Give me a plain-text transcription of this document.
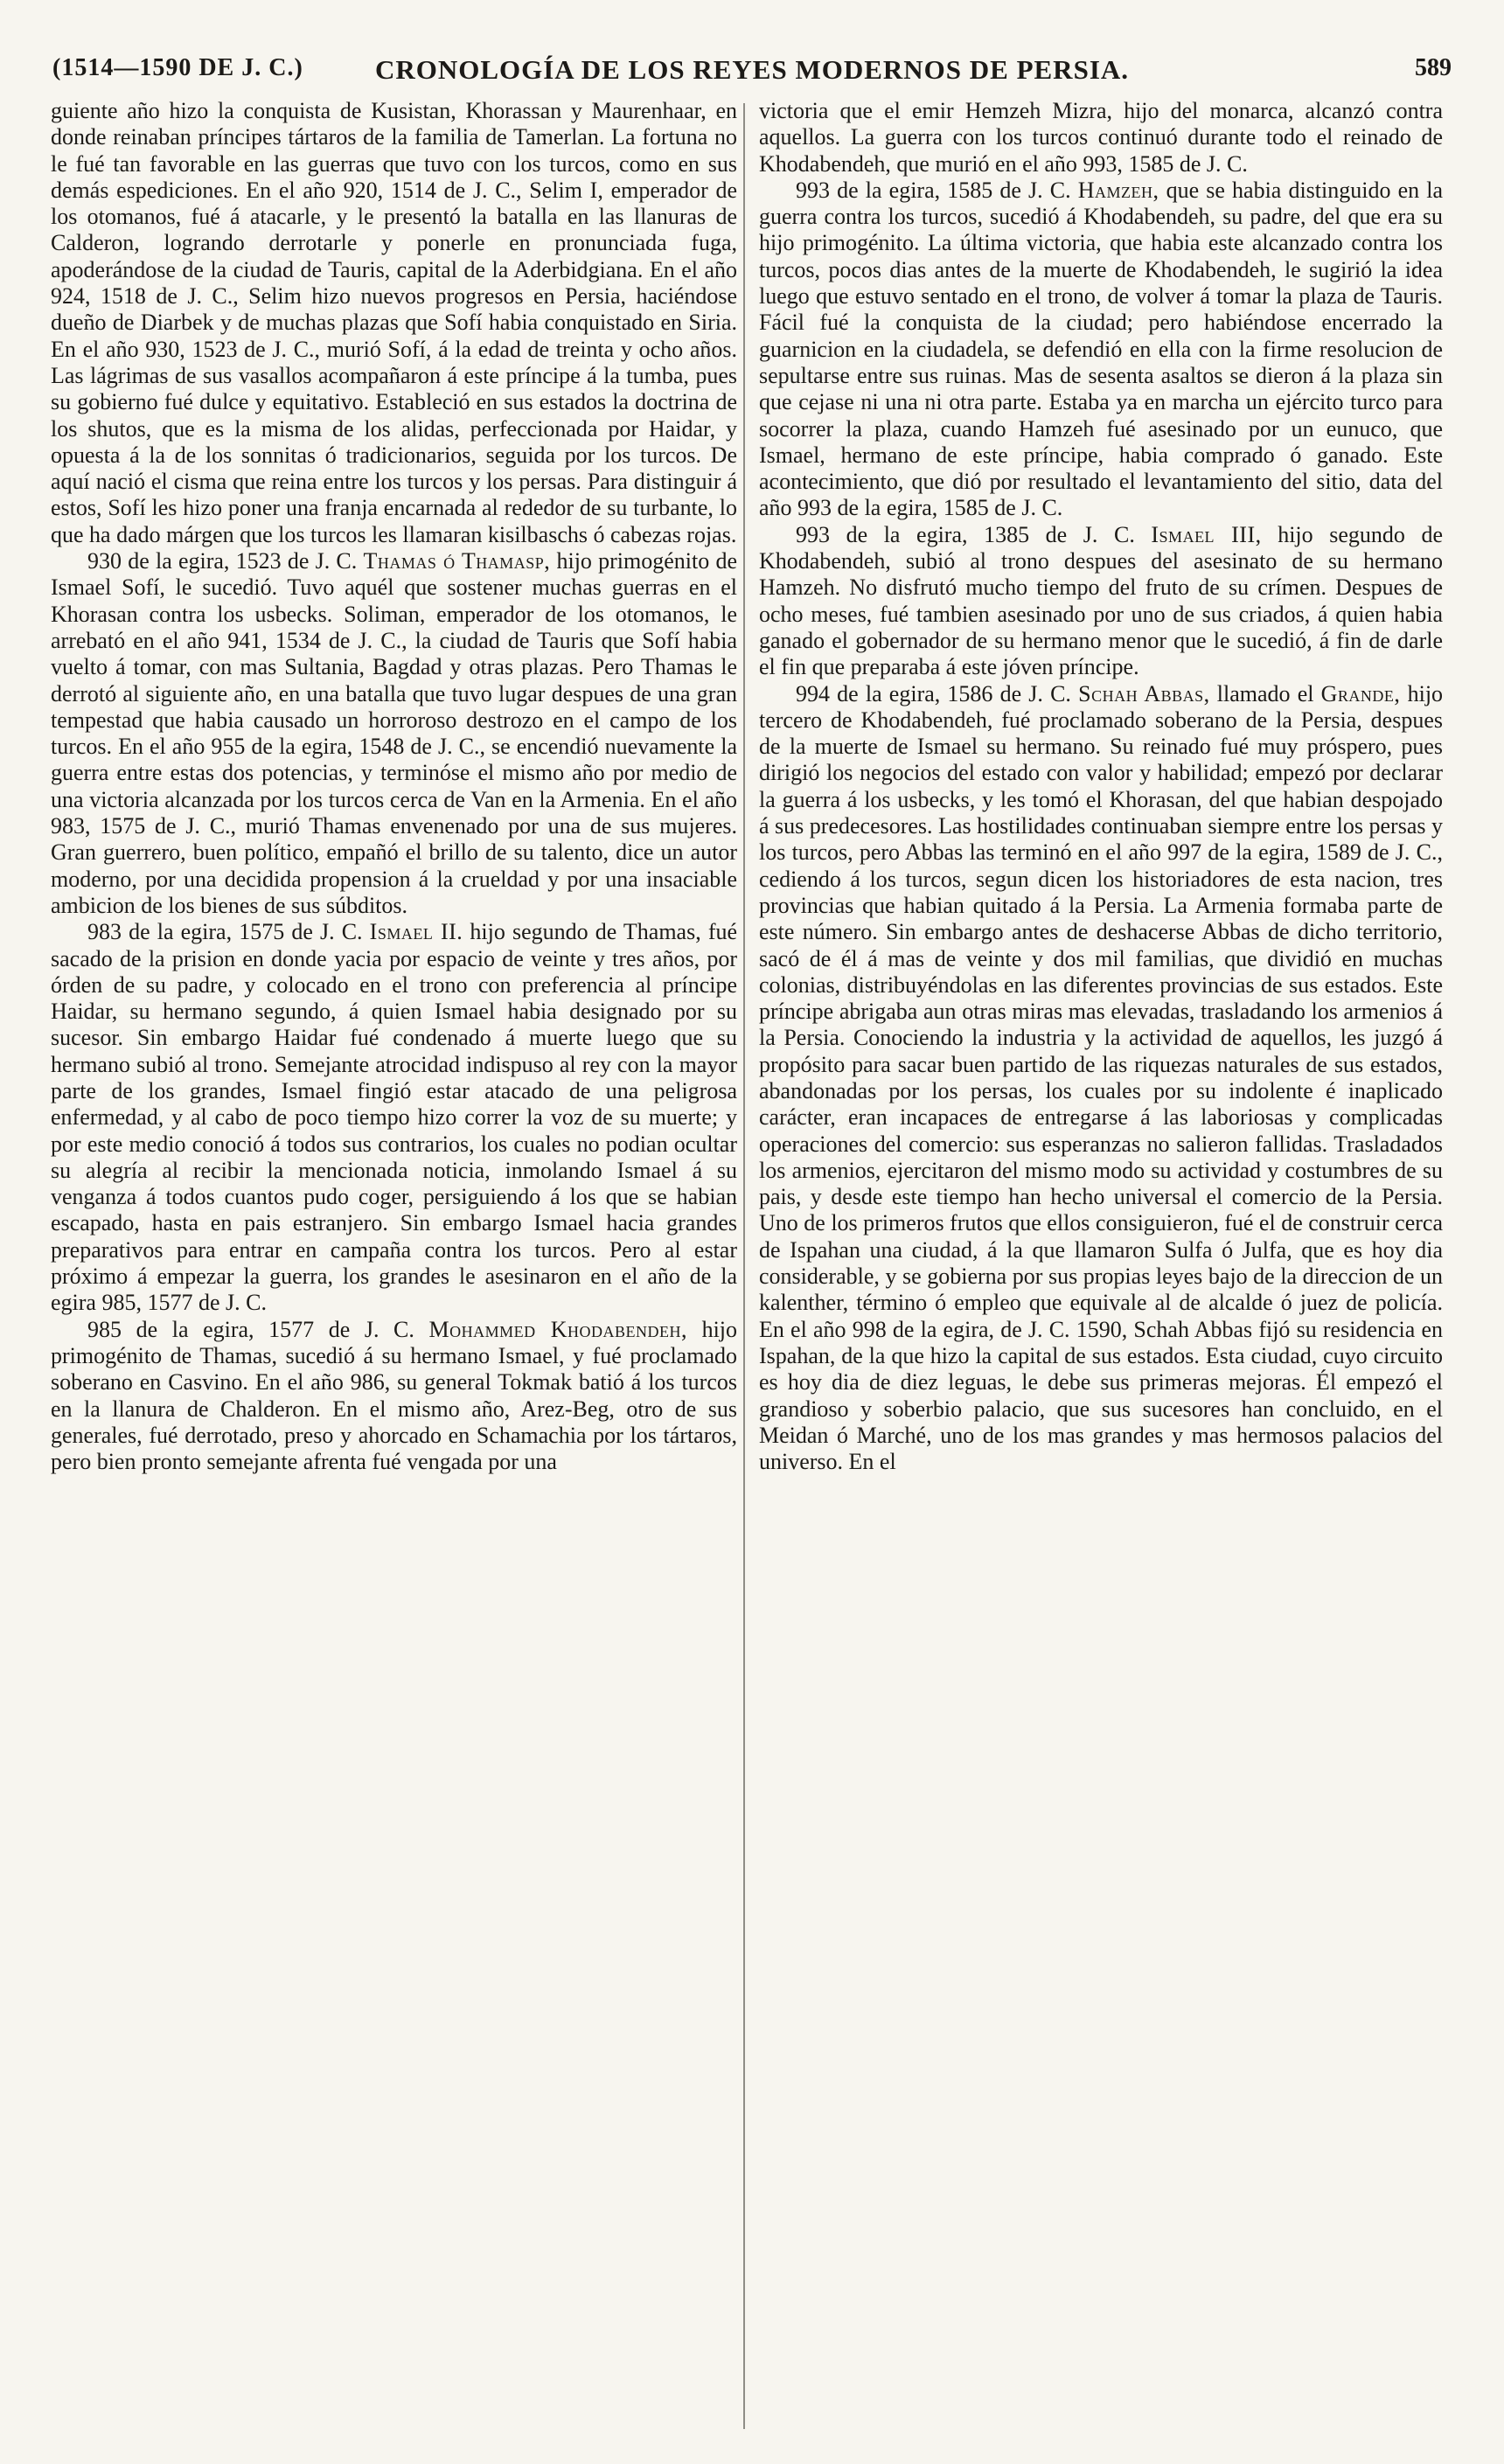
(1514—1590 DE J. C.)	CRONOLOGÍA DE LOS REYES MODERNOS DE PERSIA.	589

guiente año hizo la conquista de Kusistan, Khorassan y Maurenhaar, en donde reinaban príncipes tártaros de la familia de Tamerlan. La fortuna no le fué tan favorable en las guerras que tuvo con los turcos, como en sus demás espediciones. En el año 920, 1514 de J. C., Selim I, emperador de los otomanos, fué á atacarle, y le presentó la batalla en las llanuras de Calderon, logrando derrotarle y ponerle en pronunciada fuga, apoderándose de la ciudad de Tauris, capital de la Aderbidgiana. En el año 924, 1518 de J. C., Selim hizo nuevos progresos en Persia, haciéndose dueño de Diarbek y de muchas plazas que Sofí habia conquistado en Siria. En el año 930, 1523 de J. C., murió Sofí, á la edad de treinta y ocho años. Las lágrimas de sus vasallos acompañaron á este príncipe á la tumba, pues su gobierno fué dulce y equitativo. Estableció en sus estados la doctrina de los shutos, que es la misma de los alidas, perfeccionada por Haidar, y opuesta á la de los sonnitas ó tradicionarios, seguida por los turcos. De aquí nació el cisma que reina entre los turcos y los persas. Para distinguir á estos, Sofí les hizo poner una franja encarnada al rededor de su turbante, lo que ha dado márgen que los turcos les llamaran kisilbaschs ó cabezas rojas.

930 de la egira, 1523 de J. C. Thamas ó Thamasp, hijo primogénito de Ismael Sofí, le sucedió. Tuvo aquél que sostener muchas guerras en el Khorasan contra los usbecks. Soliman, emperador de los otomanos, le arrebató en el año 941, 1534 de J. C., la ciudad de Tauris que Sofí habia vuelto á tomar, con mas Sultania, Bagdad y otras plazas. Pero Thamas le derrotó al siguiente año, en una batalla que tuvo lugar despues de una gran tempestad que habia causado un horroroso destrozo en el campo de los turcos. En el año 955 de la egira, 1548 de J. C., se encendió nuevamente la guerra entre estas dos potencias, y terminóse el mismo año por medio de una victoria alcanzada por los turcos cerca de Van en la Armenia. En el año 983, 1575 de J. C., murió Thamas envenenado por una de sus mujeres. Gran guerrero, buen político, empañó el brillo de su talento, dice un autor moderno, por una decidida propension á la crueldad y por una insaciable ambicion de los bienes de sus súbditos.

983 de la egira, 1575 de J. C. Ismael II. hijo segundo de Thamas, fué sacado de la prision en donde yacia por espacio de veinte y tres años, por órden de su padre, y colocado en el trono con preferencia al príncipe Haidar, su hermano segundo, á quien Ismael habia designado por su sucesor. Sin embargo Haidar fué condenado á muerte luego que su hermano subió al trono. Semejante atrocidad indispuso al rey con la mayor parte de los grandes, Ismael fingió estar atacado de una peligrosa enfermedad, y al cabo de poco tiempo hizo correr la voz de su muerte; y por este medio conoció á todos sus contrarios, los cuales no podian ocultar su alegría al recibir la mencionada noticia, inmolando Ismael á su venganza á todos cuantos pudo coger, persiguiendo á los que se habian escapado, hasta en pais estranjero. Sin embargo Ismael hacia grandes preparativos para entrar en campaña contra los turcos. Pero al estar próximo á empezar la guerra, los grandes le asesinaron en el año de la egira 985, 1577 de J. C.

985 de la egira, 1577 de J. C. Mohammed Khodabendeh, hijo primogénito de Thamas, sucedió á su hermano Ismael, y fué proclamado soberano en Casvino. En el año 986, su general Tokmak batió á los turcos en la llanura de Chalderon. En el mismo año, Arez-Beg, otro de sus generales, fué derrotado, preso y ahorcado en Schamachia por los tártaros, pero bien pronto semejante afrenta fué vengada por una

victoria que el emir Hemzeh Mizra, hijo del monarca, alcanzó contra aquellos. La guerra con los turcos continuó durante todo el reinado de Khodabendeh, que murió en el año 993, 1585 de J. C.

993 de la egira, 1585 de J. C. Hamzeh, que se habia distinguido en la guerra contra los turcos, sucedió á Khodabendeh, su padre, del que era su hijo primogénito. La última victoria, que habia este alcanzado contra los turcos, pocos dias antes de la muerte de Khodabendeh, le sugirió la idea luego que estuvo sentado en el trono, de volver á tomar la plaza de Tauris. Fácil fué la conquista de la ciudad; pero habiéndose encerrado la guarnicion en la ciudadela, se defendió en ella con la firme resolucion de sepultarse entre sus ruinas. Mas de sesenta asaltos se dieron á la plaza sin que cejase ni una ni otra parte. Estaba ya en marcha un ejército turco para socorrer la plaza, cuando Hamzeh fué asesinado por un eunuco, que Ismael, hermano de este príncipe, habia comprado ó ganado. Este acontecimiento, que dió por resultado el levantamiento del sitio, data del año 993 de la egira, 1585 de J. C.

993 de la egira, 1385 de J. C. Ismael III, hijo segundo de Khodabendeh, subió al trono despues del asesinato de su hermano Hamzeh. No disfrutó mucho tiempo del fruto de su crímen. Despues de ocho meses, fué tambien asesinado por uno de sus criados, á quien habia ganado el gobernador de su hermano menor que le sucedió, á fin de darle el fin que preparaba á este jóven príncipe.

994 de la egira, 1586 de J. C. Schah Abbas, llamado el Grande, hijo tercero de Khodabendeh, fué proclamado soberano de la Persia, despues de la muerte de Ismael su hermano. Su reinado fué muy próspero, pues dirigió los negocios del estado con valor y habilidad; empezó por declarar la guerra á los usbecks, y les tomó el Khorasan, del que habian despojado á sus predecesores. Las hostilidades continuaban siempre entre los persas y los turcos, pero Abbas las terminó en el año 997 de la egira, 1589 de J. C., cediendo á los turcos, segun dicen los historiadores de esta nacion, tres provincias que habian quitado á la Persia. La Armenia formaba parte de este número. Sin embargo antes de deshacerse Abbas de dicho territorio, sacó de él á mas de veinte y dos mil familias, que dividió en muchas colonias, distribuyéndolas en las diferentes provincias de sus estados. Este príncipe abrigaba aun otras miras mas elevadas, trasladando los armenios á la Persia. Conociendo la industria y la actividad de aquellos, les juzgó á propósito para sacar buen partido de las riquezas naturales de sus estados, abandonadas por los persas, los cuales por su indolente é inaplicado carácter, eran incapaces de entregarse á las laboriosas y complicadas operaciones del comercio: sus esperanzas no salieron fallidas. Trasladados los armenios, ejercitaron del mismo modo su actividad y costumbres de su pais, y desde este tiempo han hecho universal el comercio de la Persia. Uno de los primeros frutos que ellos consiguieron, fué el de construir cerca de Ispahan una ciudad, á la que llamaron Sulfa ó Julfa, que es hoy dia considerable, y se gobierna por sus propias leyes bajo de la direccion de un kalenther, término ó empleo que equivale al de alcalde ó juez de policía. En el año 998 de la egira, de J. C. 1590, Schah Abbas fijó su residencia en Ispahan, de la que hizo la capital de sus estados. Esta ciudad, cuyo circuito es hoy dia de diez leguas, le debe sus primeras mejoras. Él empezó el grandioso y soberbio palacio, que sus sucesores han concluido, en el Meidan ó Marché, uno de los mas grandes y mas hermosos palacios del universo. En el
